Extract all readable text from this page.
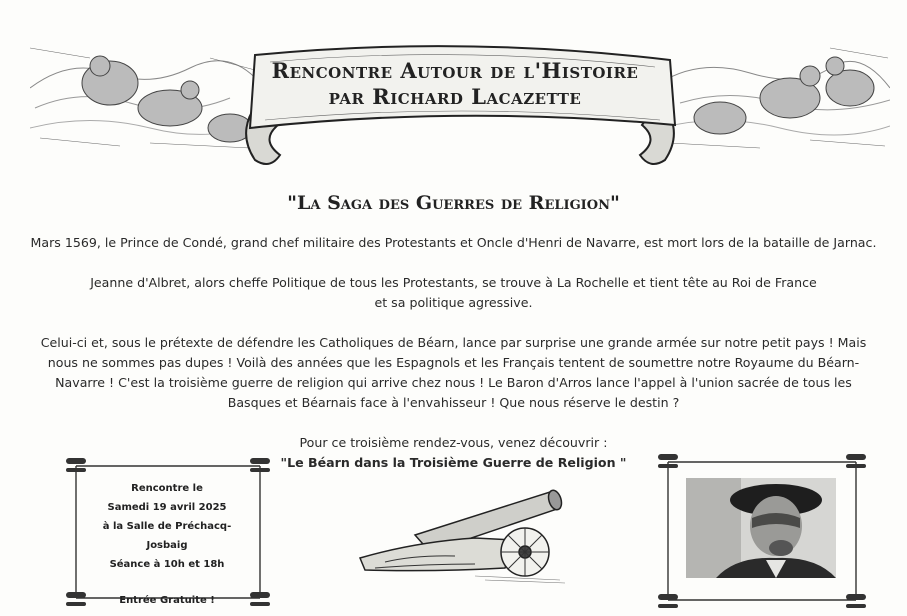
Rencontre Autour de l'Histoire
par Richard Lacazette
"La Saga des Guerres de Religion"
Mars 1569, le Prince de Condé, grand chef militaire des Protestants et Oncle d'Henri de Navarre, est mort lors de la bataille de Jarnac.
Jeanne d'Albret, alors cheffe Politique de tous les Protestants, se trouve à La Rochelle et tient tête au Roi de France
et sa politique agressive.
Celui-ci et, sous le prétexte de défendre les Catholiques de Béarn, lance par surprise une grande armée sur notre petit pays ! Mais
nous ne sommes pas dupes ! Voilà des années que les Espagnols et les Français tentent de soumettre notre Royaume du Béarn-
Navarre ! C'est la troisième guerre de religion qui arrive chez nous ! Le Baron d'Arros lance l'appel à l'union sacrée de tous les
Basques et Béarnais face à l'envahisseur ! Que nous réserve le destin ?
Pour ce troisième rendez-vous, venez découvrir :
"Le Béarn dans la Troisième Guerre de Religion "
Rencontre le
Samedi 19 avril 2025
à la Salle de Préchacq-Josbaig
Séance à 10h et 18h
Entrée Gratuite !
